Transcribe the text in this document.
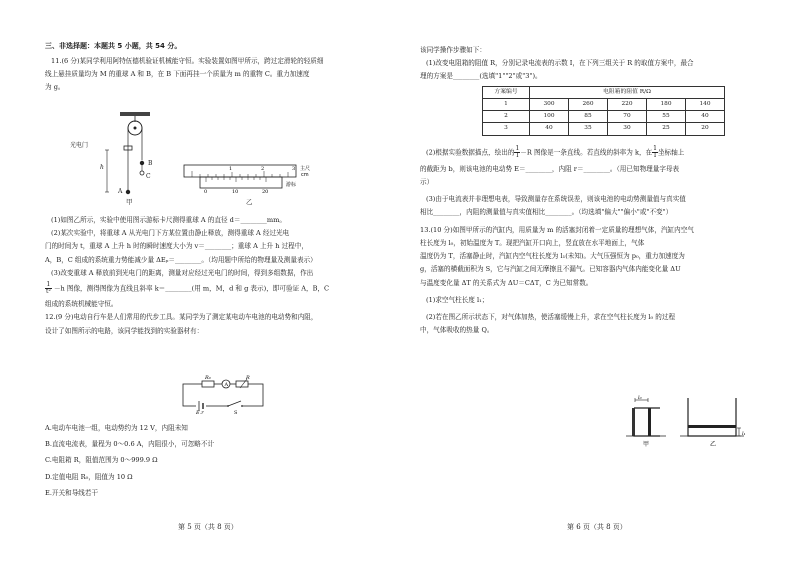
三、非选择题：本题共 5 小题，共 54 分。

11.(6 分)某同学利用阿特伍德机验证机械能守恒。实验装置如图甲所示，跨过定滑轮的轻质细

线上悬挂质量均为 M 的重球 A 和 B，在 B 下面再挂一个质量为 m 的重物 C。重力加速度

为 g。

光电门
h
A
B
C
甲
1	2	3
0	10	20
主尺
cm
游标
乙

(1)如图乙所示，实验中使用图示游标卡尺测得重球 A 的直径 d＝________mm。

(2)某次实验中，将重球 A 从光电门下方某位置由静止释放，测得重球 A 经过光电

门的时间为 t，重球 A 上升 h 时的瞬时速度大小为 v＝________；重球 A 上升 h 过程中，

A，B，C 组成的系统重力势能减少量 ΔEₚ＝________。（均用题中所给的物理量及测量表示）

(3)改变重球 A 释放前到光电门的距离，测量对应经过光电门的时间，得到多组数据，作出

$\frac{1}{\text{t²}} -h$ 图像，测得图像为直线且斜率 k＝________(用 m，M，d 和 g 表示)，即可验证 A，B，C

组成的系统机械能守恒。

12.(9 分)电动自行车是人们常用的代步工具。某同学为了测定某电动车电池的电动势和内阻，

设计了如图所示的电路，该同学能找到的实验器材有：

R₀
A
R
E,r	S

A.电动车电池一组，电动势约为 12 V，内阻未知

B.直流电流表，量程为 0～0.6 A，内阻很小，可忽略不计

C.电阻箱 R，阻值范围为 0～999.9 Ω

D.定值电阻 R₀，阻值为 10 Ω

E.开关和导线若干

第 5 页（共 8 页）

该同学操作步骤如下：

(1)改变电阻箱的阻值 R，分别记录电流表的示数 I，在下列三组关于 R 的取值方案中，最合

理的方案是________(选填"1""2"或"3")。

方案编号	电阻箱的阻值 R/Ω				
1	300	260	220	180	140
2	100	85	70	55	40
3	40	35	30	25	20

(2)根据实验数据描点，绘出的 $\frac{1}{I} -R$ 图像是一条直线。若直线的斜率为 k，在 $\frac{1}{I}$ 坐标轴上

的截距为 b，则该电池的电动势 E＝________，内阻 r＝________。（用已知物理量字母表

示）

(3)由于电流表并非理想电表，导致测量存在系统误差，则该电池的电动势测量值与真实值

相比________，内阻的测量值与真实值相比________。（均选填"偏大""偏小"或"不变"）

13.(10 分)如图甲所示的汽缸内，用质量为 m 的活塞封闭着一定质量的理想气体，汽缸内空气

柱长度为 l₀，初始温度为 T。现把汽缸开口向上，竖直放在水平地面上，气体

温度仍为 T，活塞静止时，汽缸内空气柱长度为 l₁(未知)。大气压强恒为 p₀，重力加速度为

g，活塞的横截面积为 S，它与汽缸之间无摩擦且不漏气。已知容器内气体内能变化量 ΔU

与温度变化量 ΔT 的关系式为 ΔU＝CΔT，C 为已知常数。

(1)求空气柱长度 l₁；

(2)若在图乙所示状态下，对气体加热，使活塞缓慢上升，求在空气柱长度为 l₀ 的过程

中，气体吸收的热量 Q。

l₀
l₁
甲	乙
第 6 页（共 8 页）
